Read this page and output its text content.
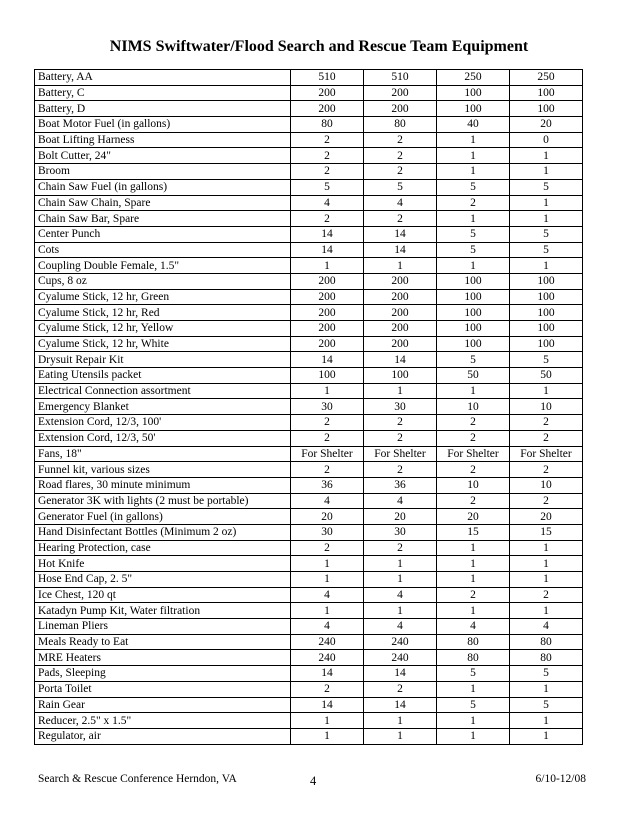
NIMS Swiftwater/Flood Search and Rescue Team Equipment
Battery, AA	510	510	250	250
Battery, C	200	200	100	100
Battery, D	200	200	100	100
Boat Motor Fuel (in gallons)	80	80	40	20
Boat Lifting Harness	2	2	1	0
Bolt Cutter, 24"	2	2	1	1
Broom	2	2	1	1
Chain Saw Fuel (in gallons)	5	5	5	5
Chain Saw Chain, Spare	4	4	2	1
Chain Saw Bar, Spare	2	2	1	1
Center Punch	14	14	5	5
Cots	14	14	5	5
Coupling Double Female, 1.5"	1	1	1	1
Cups, 8 oz	200	200	100	100
Cyalume Stick, 12 hr, Green	200	200	100	100
Cyalume Stick, 12 hr, Red	200	200	100	100
Cyalume Stick, 12 hr, Yellow	200	200	100	100
Cyalume Stick, 12 hr, White	200	200	100	100
Drysuit Repair Kit	14	14	5	5
Eating Utensils packet	100	100	50	50
Electrical Connection assortment	1	1	1	1
Emergency Blanket	30	30	10	10
Extension Cord, 12/3, 100'	2	2	2	2
Extension Cord, 12/3, 50'	2	2	2	2
Fans, 18"	For Shelter	For Shelter	For Shelter	For Shelter
Funnel kit, various sizes	2	2	2	2
Road flares, 30 minute minimum	36	36	10	10
Generator 3K with lights (2 must be portable)	4	4	2	2
Generator Fuel (in gallons)	20	20	20	20
Hand Disinfectant Bottles (Minimum 2 oz)	30	30	15	15
Hearing Protection, case	2	2	1	1
Hot Knife	1	1	1	1
Hose End Cap, 2. 5"	1	1	1	1
Ice Chest, 120 qt	4	4	2	2
Katadyn Pump Kit, Water filtration	1	1	1	1
Lineman Pliers	4	4	4	4
Meals Ready to Eat	240	240	80	80
MRE Heaters	240	240	80	80
Pads, Sleeping	14	14	5	5
Porta Toilet	2	2	1	1
Rain Gear	14	14	5	5
Reducer, 2.5" x 1.5"	1	1	1	1
Regulator, air	1	1	1	1
Search & Rescue Conference Herndon, VA	4	6/10-12/08
